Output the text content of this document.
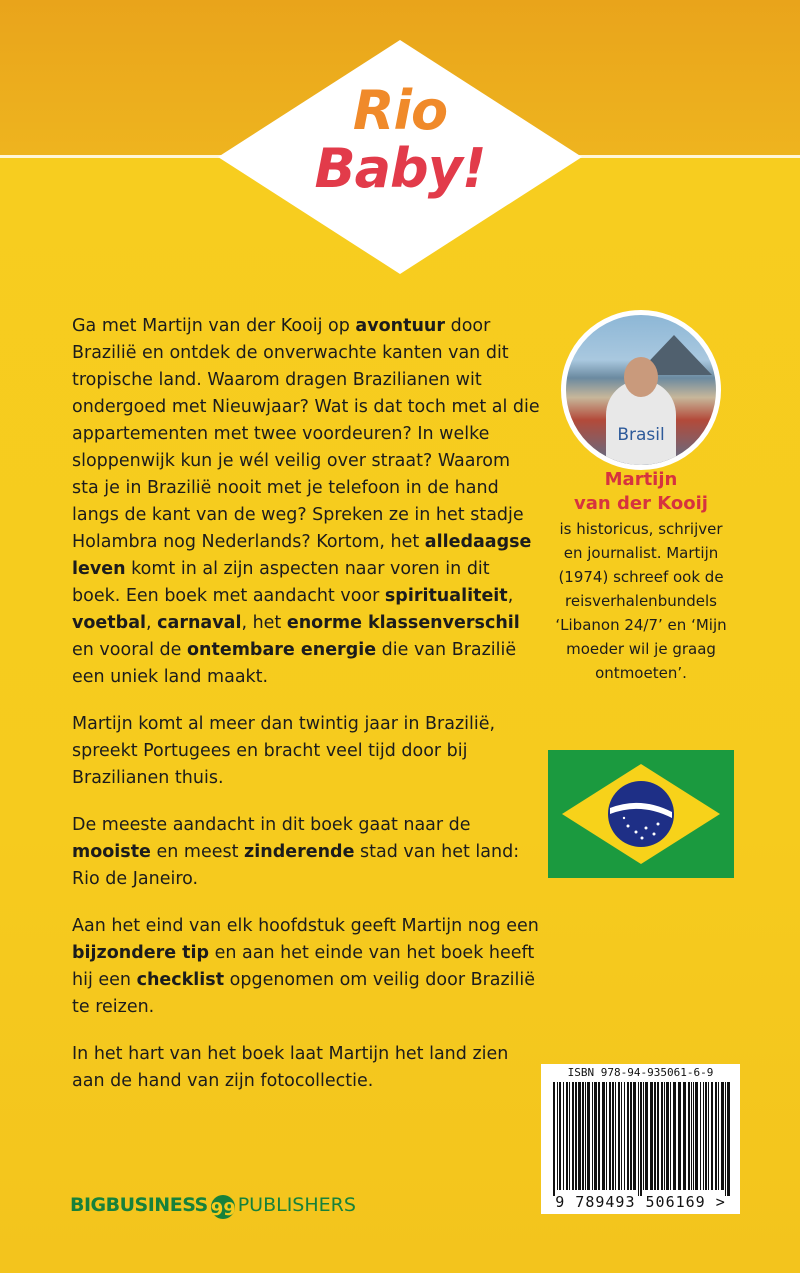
Rio
Baby!

Ga met Martijn van der Kooij op avontuur door Brazilië en ontdek de onverwachte kanten van dit tropische land. Waarom dragen Brazilianen wit ondergoed met Nieuwjaar? Wat is dat toch met al die appartementen met twee voordeuren? In welke sloppenwijk kun je wél veilig over straat? Waarom sta je in Brazilië nooit met je telefoon in de hand langs de kant van de weg? Spreken ze in het stadje Holambra nog Nederlands? Kortom, het alledaagse leven komt in al zijn aspecten naar voren in dit boek. Een boek met aandacht voor spiritualiteit, voetbal, carnaval, het enorme klassenverschil en vooral de ontembare energie die van Brazilië een uniek land maakt.

Martijn komt al meer dan twintig jaar in Brazilië, spreekt Portugees en bracht veel tijd door bij Brazilianen thuis.

De meeste aandacht in dit boek gaat naar de mooiste en meest zinderende stad van het land: Rio de Janeiro.

Aan het eind van elk hoofdstuk geeft Martijn nog een bijzondere tip en aan het einde van het boek heeft hij een checklist opgenomen om veilig door Brazilië te reizen.

In het hart van het boek laat Martijn het land zien aan de hand van zijn fotocollectie.

Brasil
Martijn
van der Kooij
is historicus, schrijver en journalist. Martijn (1974) schreef ook de reisverhalenbundels ‘Libanon 24/7’ en ‘Mijn moeder wil je graag ontmoeten’.
ISBN 978-94-935061-6-9
9 789493 506169 >
BIGBUSINESS 99 PUBLISHERS
